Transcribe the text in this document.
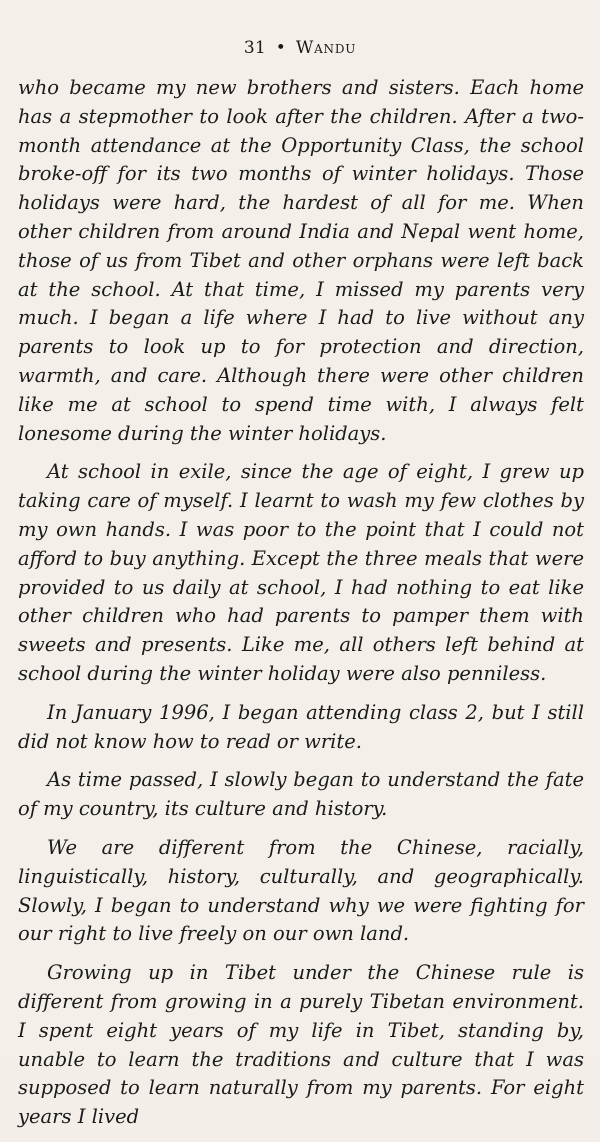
31 • Wandu

who became my new brothers and sisters. Each home has a stepmother to look after the children. After a two-month attendance at the Opportunity Class, the school broke-off for its two months of winter holidays. Those holidays were hard, the hardest of all for me. When other children from around India and Nepal went home, those of us from Tibet and other orphans were left back at the school. At that time, I missed my parents very much. I began a life where I had to live without any parents to look up to for protection and direction, warmth, and care. Although there were other children like me at school to spend time with, I always felt lonesome during the winter holidays.

At school in exile, since the age of eight, I grew up taking care of myself. I learnt to wash my few clothes by my own hands. I was poor to the point that I could not afford to buy anything. Except the three meals that were provided to us daily at school, I had nothing to eat like other children who had parents to pamper them with sweets and presents. Like me, all others left behind at school during the winter holiday were also penniless.

In January 1996, I began attending class 2, but I still did not know how to read or write.

As time passed, I slowly began to understand the fate of my country, its culture and history.

We are different from the Chinese, racially, linguistically, history, culturally, and geographically. Slowly, I began to understand why we were fighting for our right to live freely on our own land.

Growing up in Tibet under the Chinese rule is different from growing in a purely Tibetan environment. I spent eight years of my life in Tibet, standing by, unable to learn the traditions and culture that I was supposed to learn naturally from my parents. For eight years I lived
